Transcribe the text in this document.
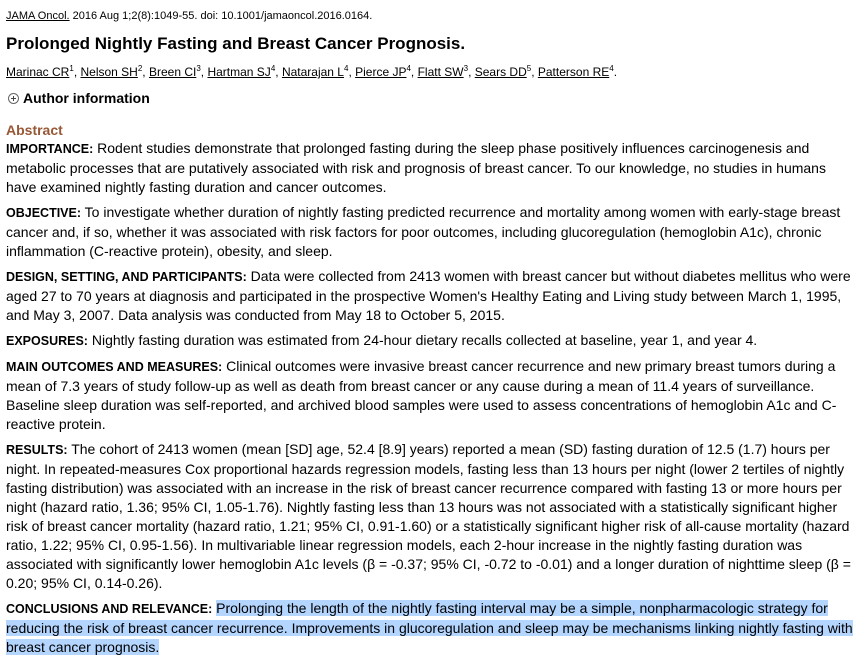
JAMA Oncol. 2016 Aug 1;2(8):1049-55. doi: 10.1001/jamaoncol.2016.0164.
Prolonged Nightly Fasting and Breast Cancer Prognosis.
Marinac $CR^1$, Nelson $SH^2$, Breen $CI^3$, Hartman $SJ^4$, Natarajan $L^4$, Pierce $JP^4$, Flatt $SW^3$, Sears $DD^5$, Patterson $RE^4$.
Author information
Abstract

IMPORTANCE: Rodent studies demonstrate that prolonged fasting during the sleep phase positively influences carcinogenesis and metabolic processes that are putatively associated with risk and prognosis of breast cancer. To our knowledge, no studies in humans have examined nightly fasting duration and cancer outcomes.

OBJECTIVE: To investigate whether duration of nightly fasting predicted recurrence and mortality among women with early-stage breast cancer and, if so, whether it was associated with risk factors for poor outcomes, including glucoregulation (hemoglobin A1c), chronic inflammation (C-reactive protein), obesity, and sleep.

DESIGN, SETTING, AND PARTICIPANTS: Data were collected from 2413 women with breast cancer but without diabetes mellitus who were aged 27 to 70 years at diagnosis and participated in the prospective Women's Healthy Eating and Living study between March 1, 1995, and May 3, 2007. Data analysis was conducted from May 18 to October 5, 2015.

EXPOSURES: Nightly fasting duration was estimated from 24-hour dietary recalls collected at baseline, year 1, and year 4.

MAIN OUTCOMES AND MEASURES: Clinical outcomes were invasive breast cancer recurrence and new primary breast tumors during a mean of 7.3 years of study follow-up as well as death from breast cancer or any cause during a mean of 11.4 years of surveillance. Baseline sleep duration was self-reported, and archived blood samples were used to assess concentrations of hemoglobin A1c and C-reactive protein.

RESULTS: The cohort of 2413 women (mean [SD] age, 52.4 [8.9] years) reported a mean (SD) fasting duration of 12.5 (1.7) hours per night. In repeated-measures Cox proportional hazards regression models, fasting less than 13 hours per night (lower 2 tertiles of nightly fasting distribution) was associated with an increase in the risk of breast cancer recurrence compared with fasting 13 or more hours per night (hazard ratio, 1.36; 95% CI, 1.05-1.76). Nightly fasting less than 13 hours was not associated with a statistically significant higher risk of breast cancer mortality (hazard ratio, 1.21; 95% CI, 0.91-1.60) or a statistically significant higher risk of all-cause mortality (hazard ratio, 1.22; 95% CI, 0.95-1.56). In multivariable linear regression models, each 2-hour increase in the nightly fasting duration was associated with significantly lower hemoglobin A1c levels (β = -0.37; 95% CI, -0.72 to -0.01) and a longer duration of nighttime sleep (β = 0.20; 95% CI, 0.14-0.26).

CONCLUSIONS AND RELEVANCE: Prolonging the length of the nightly fasting interval may be a simple, nonpharmacologic strategy for reducing the risk of breast cancer recurrence. Improvements in glucoregulation and sleep may be mechanisms linking nightly fasting with breast cancer prognosis.
